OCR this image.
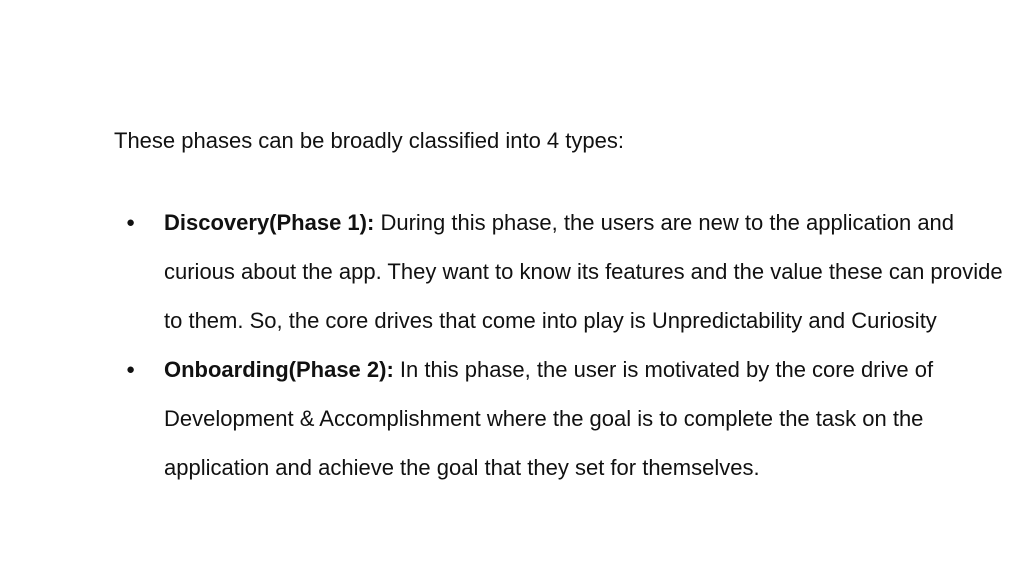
These phases can be broadly classified into 4 types:

●	Discovery(Phase 1): During this phase, the users are new to the application and curious about the app. They want to know its features and the value these can provide to them. So, the core drives that come into play is Unpredictability and Curiosity
●	Onboarding(Phase 2): In this phase, the user is motivated by the core drive of Development & Accomplishment where the goal is to complete the task on the application and achieve the goal that they set for themselves.
